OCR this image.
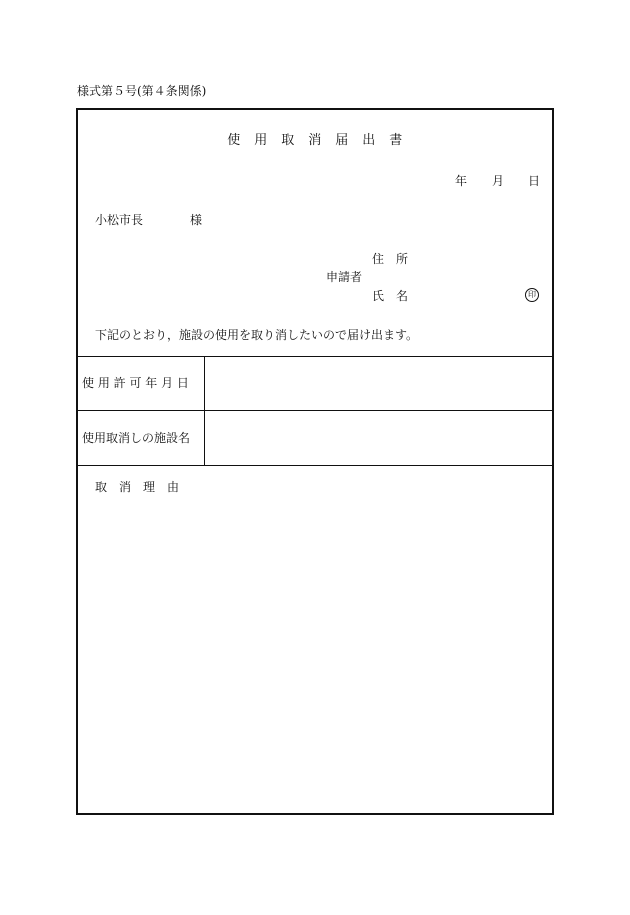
様式第５号(第４条関係)
使　用　取　消　届　出　書
年 月 日
小松市長	様
住　所
申請者
氏　名	印
下記のとおり，施設の使用を取り消したいので届け出ます。
使 用 許 可 年 月 日
使用取消しの施設名
取　消　理　由
